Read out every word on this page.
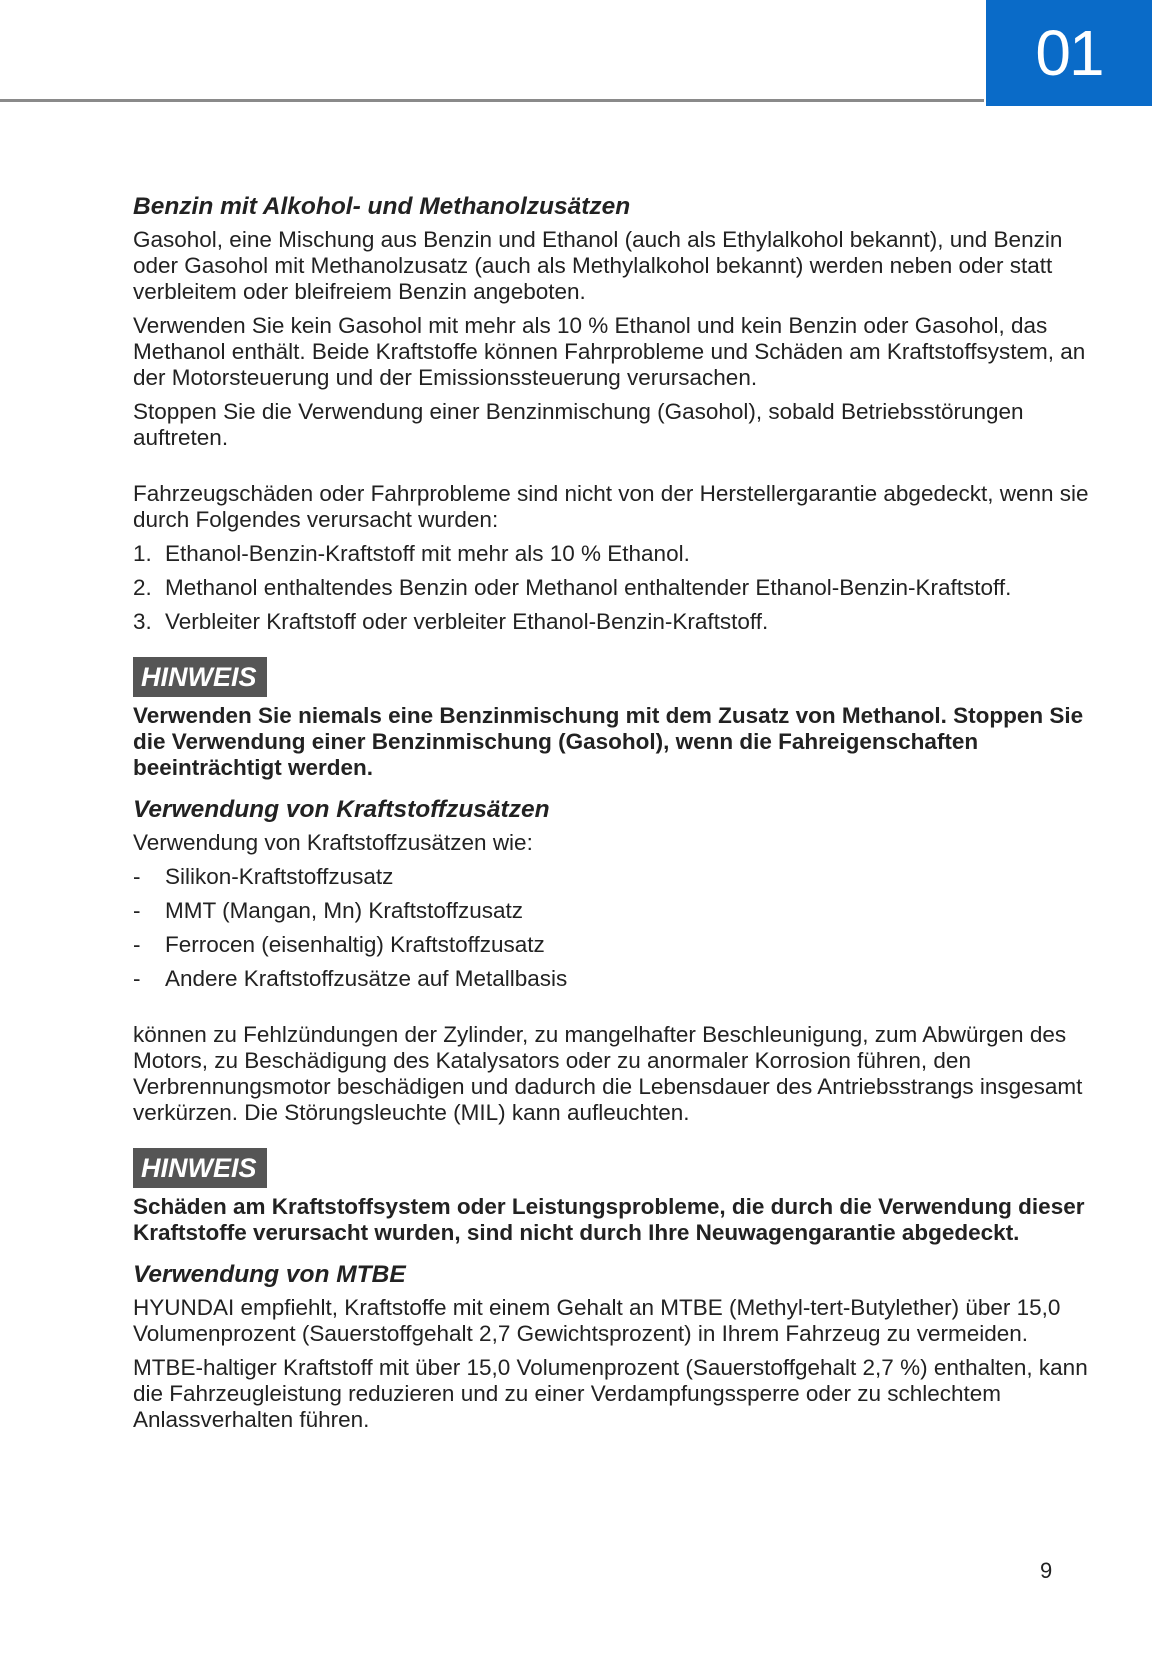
01
Benzin mit Alkohol- und Methanolzusätzen

Gasohol, eine Mischung aus Benzin und Ethanol (auch als Ethylalkohol bekannt), und Benzin oder Gasohol mit Methanolzusatz (auch als Methylalkohol bekannt) werden neben oder statt verbleitem oder bleifreiem Benzin angeboten.

Verwenden Sie kein Gasohol mit mehr als 10 % Ethanol und kein Benzin oder Gasohol, das Methanol enthält. Beide Kraftstoffe können Fahrprobleme und Schäden am Kraftstoffsystem, an der Motorsteuerung und der Emissionssteuerung verursachen.

Stoppen Sie die Verwendung einer Benzinmischung (Gasohol), sobald Betriebsstörungen auftreten.

Fahrzeugschäden oder Fahrprobleme sind nicht von der Herstellergarantie abgedeckt, wenn sie durch Folgendes verursacht wurden:

1. Ethanol-Benzin-Kraftstoff mit mehr als 10 % Ethanol.
2. Methanol enthaltendes Benzin oder Methanol enthaltender Ethanol-Benzin-Kraftstoff.
3. Verbleiter Kraftstoff oder verbleiter Ethanol-Benzin-Kraftstoff.
HINWEIS

Verwenden Sie niemals eine Benzinmischung mit dem Zusatz von Methanol. Stoppen Sie die Verwendung einer Benzinmischung (Gasohol), wenn die Fahreigenschaften beeinträchtigt werden.

Verwendung von Kraftstoffzusätzen

Verwendung von Kraftstoffzusätzen wie:

- Silikon-Kraftstoffzusatz
- MMT (Mangan, Mn) Kraftstoffzusatz
- Ferrocen (eisenhaltig) Kraftstoffzusatz
- Andere Kraftstoffzusätze auf Metallbasis

können zu Fehlzündungen der Zylinder, zu mangelhafter Beschleunigung, zum Abwürgen des Motors, zu Beschädigung des Katalysators oder zu anormaler Korrosion führen, den Verbrennungsmotor beschädigen und dadurch die Lebensdauer des Antriebsstrangs insgesamt verkürzen. Die Störungsleuchte (MIL) kann aufleuchten.

HINWEIS

Schäden am Kraftstoffsystem oder Leistungsprobleme, die durch die Verwendung dieser Kraftstoffe verursacht wurden, sind nicht durch Ihre Neuwagengarantie abgedeckt.

Verwendung von MTBE

HYUNDAI empfiehlt, Kraftstoffe mit einem Gehalt an MTBE (Methyl-tert-Butylether) über 15,0 Volumenprozent (Sauerstoffgehalt 2,7 Gewichtsprozent) in Ihrem Fahrzeug zu vermeiden.

MTBE-haltiger Kraftstoff mit über 15,0 Volumenprozent (Sauerstoffgehalt 2,7 %) enthalten, kann die Fahrzeugleistung reduzieren und zu einer Verdampfungssperre oder zu schlechtem Anlassverhalten führen.

9
